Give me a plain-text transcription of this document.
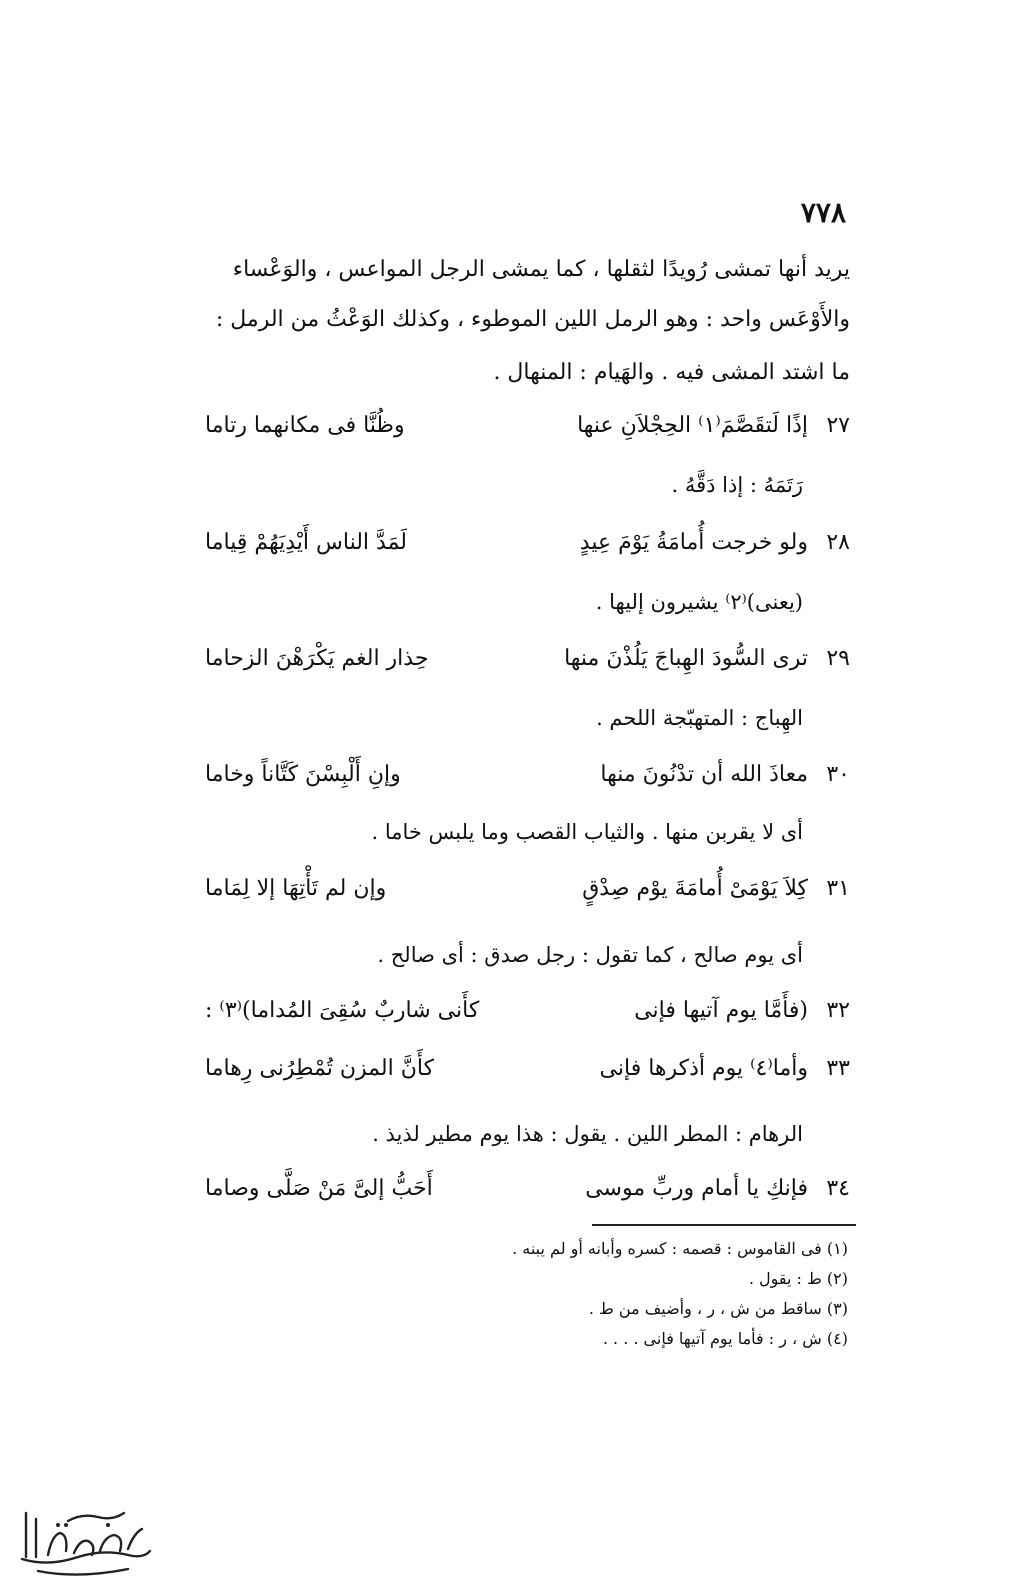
٧٧٨
يريد أنها تمشى رُويدًا لثقلها ، كما يمشى الرجل المواعس ، والوَعْساء
والأَوْعَس واحد : وهو الرمل اللين الموطوء ، وكذلك الوَعْثُ من الرمل :
ما اشتد المشى فيه . والهَيام : المنهال .
٢٧
إذًا لَتقَصَّمَ⁽١⁾ الحِجْلاَنِ عنها
وظُنَّا فى مكانهما رتاما
رَتَمَهُ : إذا دَقَّهُ .
٢٨
ولو خرجت أُمامَةُ يَوْمَ عِيدٍ
لَمَدَّ الناس أَيْدِيَهُمْ قِياما
(يعنى)⁽٢⁾ يشيرون إليها .
٢٩
ترى السُّودَ الهِباجَ يَلُذْنَ منها
حِذار الغم يَكْرَهْنَ الزحاما
الهِباج : المتهبّجة اللحم .
٣٠
معاذَ الله أن تدْنُونَ منها
وإنِ أَلْبِسْنَ كَتَّاناً وخاما
أى لا يقربن منها . والثياب القصب وما يلبس خاما .
٣١
كِلاَ يَوْمَىْ أُمامَةَ يوْم صِدْقٍ
وإن لم تَأْتِهَا إلا لِمَاما
أى يوم صالح ، كما تقول : رجل صدق : أى صالح .
٣٢
(فأَمَّا يوم آتيها فإنى
كأَنى شاربٌ سُقِىَ المُداما)⁽٣⁾ :
٣٣
وأما⁽٤⁾ يوم أذكرها فإنى
كأَنَّ المزن تُمْطِرُنى رِهاما
الرهام : المطر اللين . يقول : هذا يوم مطير لذيذ .
٣٤
فإنكِ يا أمام وربِّ موسى
أَحَبُّ إلىَّ مَنْ صَلَّى وصاما
(١) فى القاموس : قصمه : كسره وأبانه أو لم يبنه .
(٢) ط : يقول .
(٣) ساقط من ش ، ر ، وأضيف من ط .
(٤) ش ، ر : فأما يوم آتيها فإنى . . . .
